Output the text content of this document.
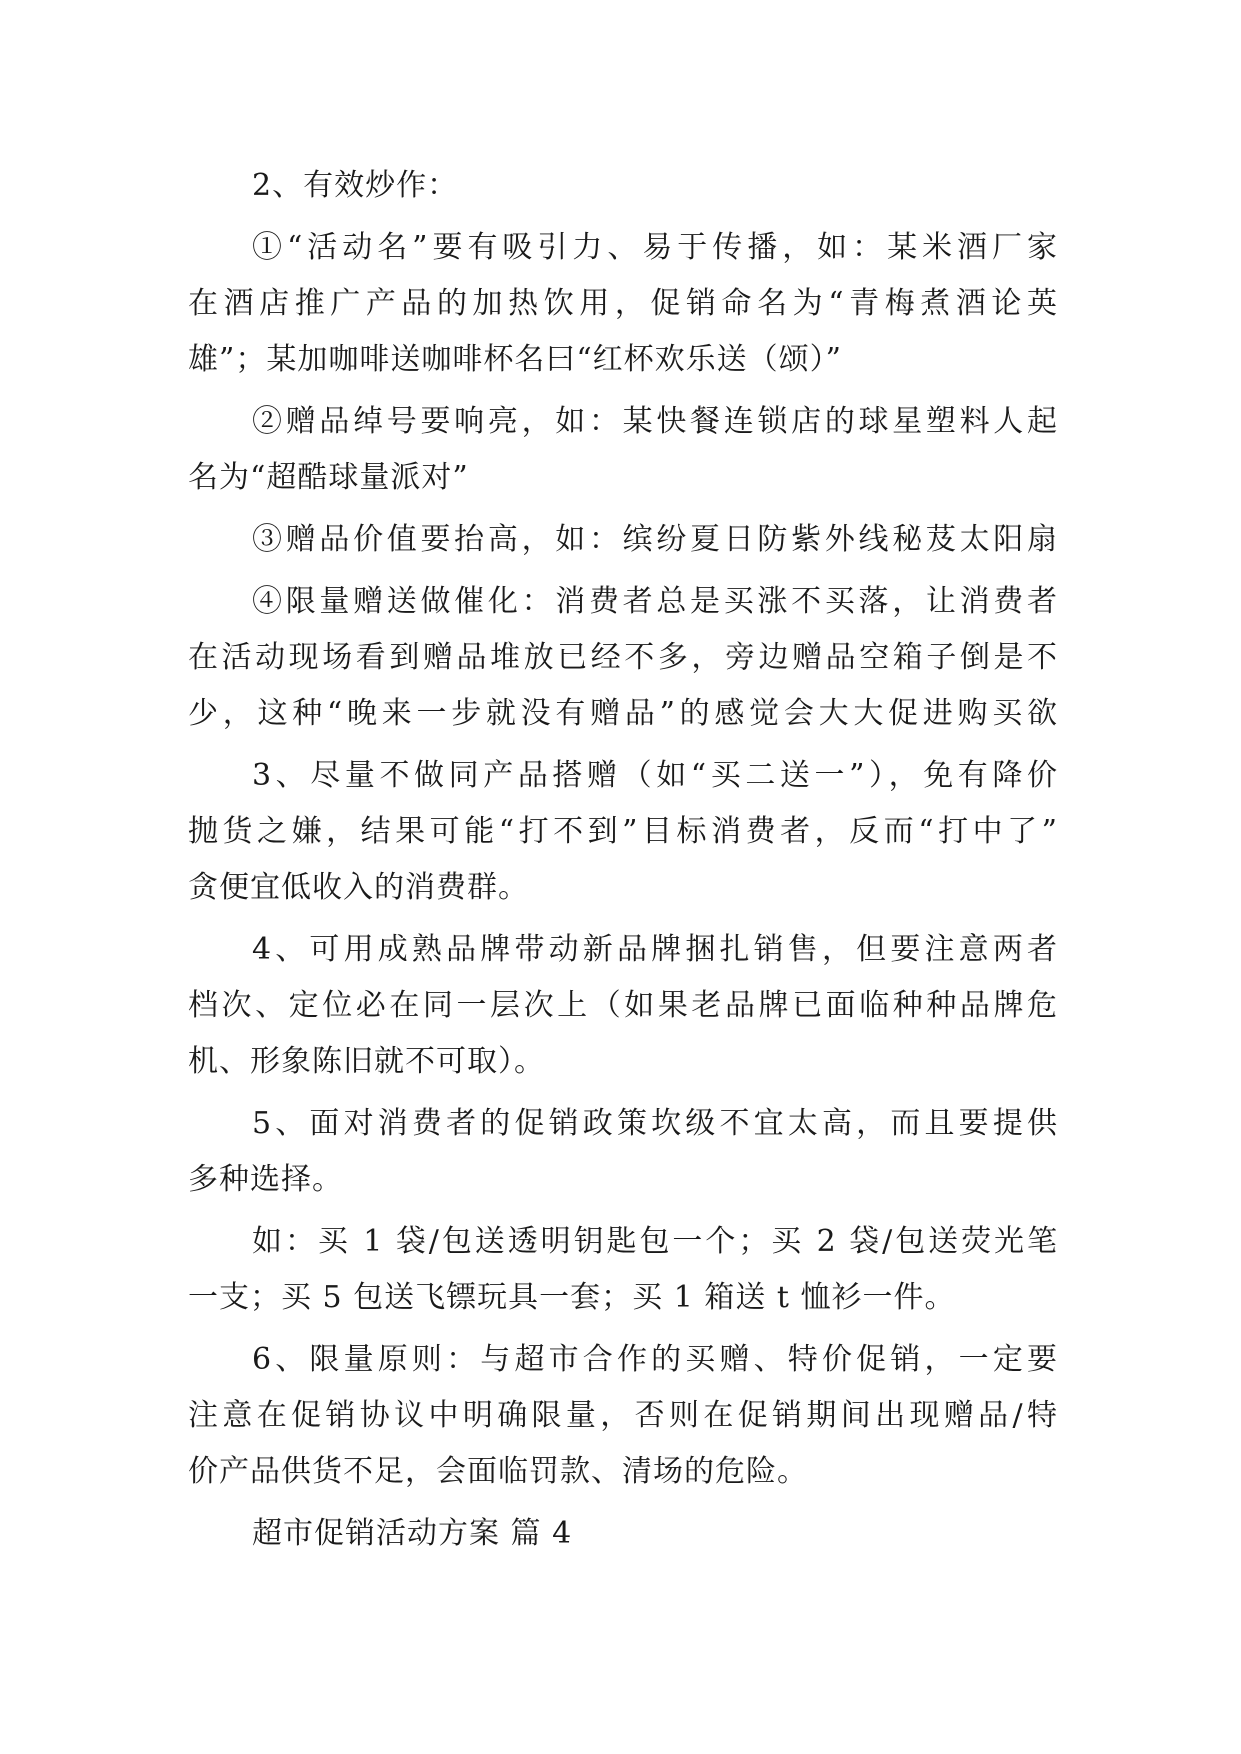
2、有效炒作：
①“活动名”要有吸引力、易于传播，如：某米酒厂家
在酒店推广产品的加热饮用，促销命名为“青梅煮酒论英
雄”；某加咖啡送咖啡杯名曰“红杯欢乐送（颂）”
②赠品绰号要响亮，如：某快餐连锁店的球星塑料人起
名为“超酷球量派对”
③赠品价值要抬高，如：缤纷夏日防紫外线秘芨太阳扇
④限量赠送做催化：消费者总是买涨不买落，让消费者
在活动现场看到赠品堆放已经不多，旁边赠品空箱子倒是不
少，这种“晚来一步就没有赠品”的感觉会大大促进购买欲
3、尽量不做同产品搭赠（如“买二送一”），免有降价
抛货之嫌，结果可能“打不到”目标消费者，反而“打中了”
贪便宜低收入的消费群。
4、可用成熟品牌带动新品牌捆扎销售，但要注意两者
档次、定位必在同一层次上（如果老品牌已面临种种品牌危
机、形象陈旧就不可取）。
5、面对消费者的促销政策坎级不宜太高，而且要提供
多种选择。
如：买 1 袋/包送透明钥匙包一个；买 2 袋/包送荧光笔
一支；买 5 包送飞镖玩具一套；买 1 箱送 t 恤衫一件。
6、限量原则：与超市合作的买赠、特价促销，一定要
注意在促销协议中明确限量，否则在促销期间出现赠品/特
价产品供货不足，会面临罚款、清场的危险。
超市促销活动方案 篇 4
